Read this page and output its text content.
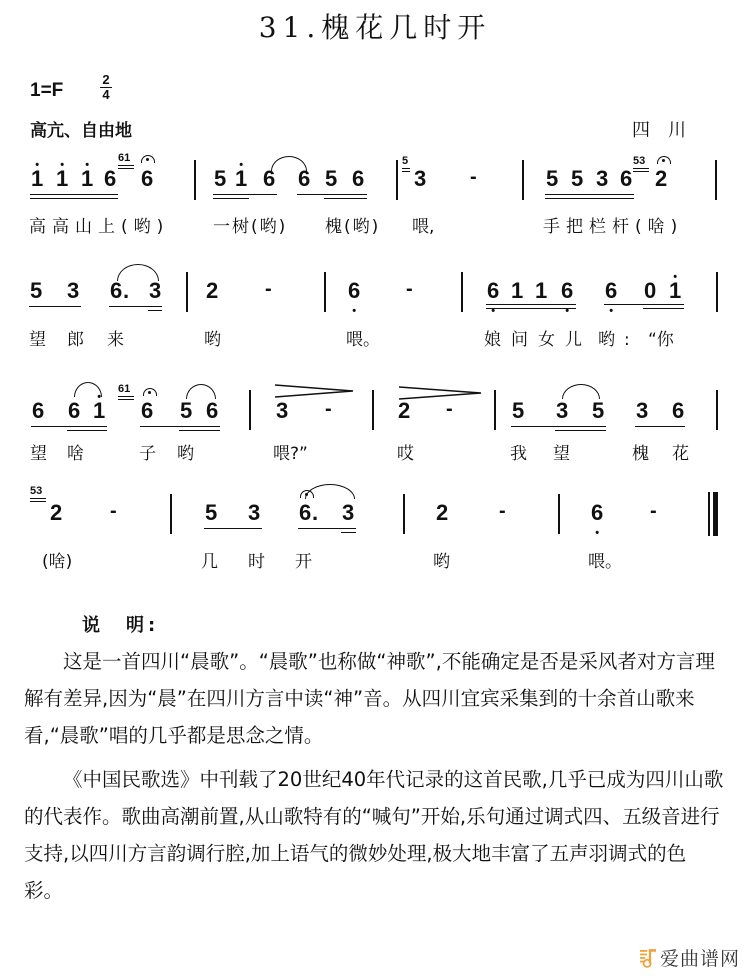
31.槐花几时开
1=F
2
4
高亢、自由地	四川
• 1 • 1 • 1 6
61
6	5 • 1 6 6 5 6
5
3 -	5 5 3 6
53
2
高高山上(哟)	一树(哟) 槐(哟) 喂,	手把栏杆(啥)
5 3 6 . 3 2 -	6 • -	6 • 1 1 6 • 6 • 0 • 1
望 郎 来	哟	喂。	娘 问 女 儿 哟 : “你
6 6 • 1
61
6 5 6	3 -	2 -	5 3 5 3 6
望 啥	子 哟	喂?”	哎	我 望	槐 花
53
2 -	5 3 6 . 3	2	-	6 • -
(啥)	几 时 开	哟	喂。
说　明:
这是一首四川“晨歌”。“晨歌”也称做“神歌”,不能确定是否是采风者对方言理解有差异,因为“晨”在四川方言中读“神”音。从四川宜宾采集到的十余首山歌来看,“晨歌”唱的几乎都是思念之情。
《中国民歌选》中刊载了20世纪40年代记录的这首民歌,几乎已成为四川山歌的代表作。歌曲高潮前置,从山歌特有的“喊句”开始,乐句通过调式四、五级音进行支持,以四川方言韵调行腔,加上语气的微妙处理,极大地丰富了五声羽调式的色彩。
爱曲谱网
